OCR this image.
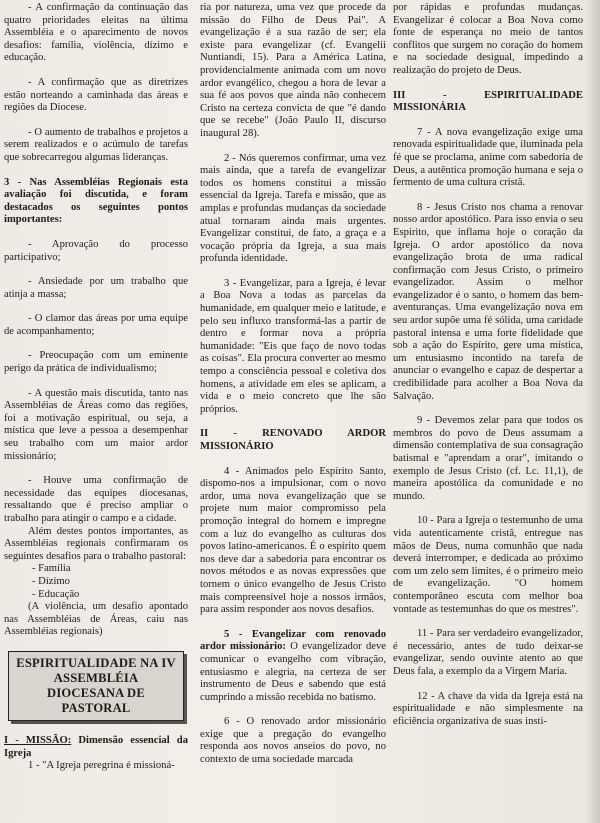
- A confirmação da continuação das quatro prioridades eleitas na última Assembléia e o aparecimento de novos desafios: família, violência, dízimo e educação.

- A confirmação que as diretrizes estão norteando a caminhada das áreas e regiões da Diocese.

- O aumento de trabalhos e projetos a serem realizados e o acúmulo de tarefas que sobrecarregou algumas lideranças.

3 - Nas Assembléias Regionais esta avaliação foi discutida, e foram destacados os seguintes pontos importantes:

- Aprovação do processo participativo;

- Ansiedade por um trabalho que atinja a massa;

- O clamor das áreas por uma equipe de acompanhamento;

- Preocupação com um eminente perigo da prática de individualismo;

- A questão mais discutida, tanto nas Assembléias de Áreas como das regiões, foi a motivação espiritual, ou seja, a mística que leve a pessoa a desempenhar seu trabalho com um maior ardor missionário;

- Houve uma confirmação de necessidade das equipes diocesanas, ressaltando que é preciso ampliar o trabalho para atingir o campo e a cidade.

Além destes pontos importantes, as Assembléias regionais confirmaram os seguintes desafios para o trabalho pastoral:

- Família
- Dízimo
- Educação

(A violência, um desafio apontado nas Assembléias de Áreas, caiu nas Assembléias regionais)

ESPIRITUALIDADE NA IV ASSEMBLÉIA DIOCESANA DE PASTORAL

I - MISSÃO: Dimensão essencial da Igreja

1 - "A Igreja peregrina é missioná-

ria por natureza, uma vez que procede da missão do Filho de Deus Pai". A evangelização é a sua razão de ser; ela existe para evangelizar (cf. Evangelii Nuntiandi, 15). Para a América Latina, providencialmente animada com um novo ardor evangélico, chegou a hora de levar a sua fé aos povos que ainda não conhecem Cristo na certeza convicta de que "é dando que se recebe" (João Paulo II, discurso inaugural 28).

2 - Nós queremos confirmar, uma vez mais ainda, que a tarefa de evangelizar todos os homens constitui a missão essencial da Igreja. Tarefa e missão, que as amplas e profundas mudanças da sociedade atual tornaram ainda mais urgentes. Evangelizar constitui, de fato, a graça e a vocação própria da Igreja, a sua mais profunda identidade.

3 - Evangelizar, para a Igreja, é levar a Boa Nova a todas as parcelas da humanidade, em qualquer meio e latitude, e pelo seu influxo transformá-las a partir de dentro e formar nova a própria humanidade: "Eis que faço de novo todas as coisas". Ela procura converter ao mesmo tempo a consciência pessoal e coletiva dos homens, a atividade em eles se aplicam, a vida e o meio concreto que lhe são próprios.

II - RENOVADO ARDOR MISSIONÁRIO

4 - Animados pelo Espírito Santo, dispomo-nos a impulsionar, com o novo ardor, uma nova evangelização que se projete num maior compromisso pela promoção integral do homem e impregne com a luz do evangelho as culturas dos povos latino-americanos. É o espírito quem nos deve dar a sabedoria para encontrar os novos métodos e as novas expressões que tornem o único evangelho de Jesus Cristo mais compreensível hoje a nossos irmãos, para assim responder aos novos desafios.

5 - Evangelizar com renovado ardor missionário: O evangelizador deve comunicar o evangelho com vibração, entusiasmo e alegria, na certeza de ser instrumento de Deus e sabendo que está cumprindo a missão recebida no batismo.

6 - O renovado ardor missionário exige que a pregação do evangelho responda aos novos anseios do povo, no contexto de uma sociedade marcada

por rápidas e profundas mudanças. Evangelizar é colocar a Boa Nova como fonte de esperança no meio de tantos conflitos que surgem no coração do homem e na sociedade desigual, impedindo a realização do projeto de Deus.

III - ESPIRITUALIDADE MISSIONÁRIA

7 - A nova evangelização exige uma renovada espiritualidade que, iluminada pela fé que se proclama, anime com sabedoria de Deus, a autêntica promoção humana e seja o fermento de uma cultura cristã.

8 - Jesus Cristo nos chama a renovar nosso ardor apostólico. Para isso envia o seu Espírito, que inflama hoje o coração da Igreja. O ardor apostólico da nova evangelização brota de uma radical confirmação com Jesus Cristo, o primeiro evangelizador. Assim o melhor evangelizador é o santo, o homem das bem-aventuranças. Uma evangelização nova em seu ardor supõe uma fé sólida, uma caridade pastoral intensa e uma forte fidelidade que sob a ação do Espírito, gere uma mística, um entusiasmo incontido na tarefa de anunciar o evangelho e capaz de despertar a credibilidade para acolher a Boa Nova da Salvação.

9 - Devemos zelar para que todos os membros do povo de Deus assumam a dimensão contemplativa de sua consagração batismal e "aprendam a orar", imitando o exemplo de Jesus Cristo (cf. Lc. 11,1), de maneira apostólica da comunidade e no mundo.

10 - Para a Igreja o testemunho de uma vida autenticamente cristã, entregue nas mãos de Deus, numa comunhão que nada deverá interromper, e dedicada ao próximo com um zelo sem limites, é o primeiro meio de evangelização. "O homem contemporâneo escuta com melhor boa vontade as testemunhas do que os mestres".

11 - Para ser verdadeiro evangelizador, é necessário, antes de tudo deixar-se evangelizar, sendo ouvinte atento ao que Deus fala, a exemplo da a Virgem Maria.

12 - A chave da vida da Igreja está na espiritualidade e não simplesmente na eficiência organizativa de suas insti-
